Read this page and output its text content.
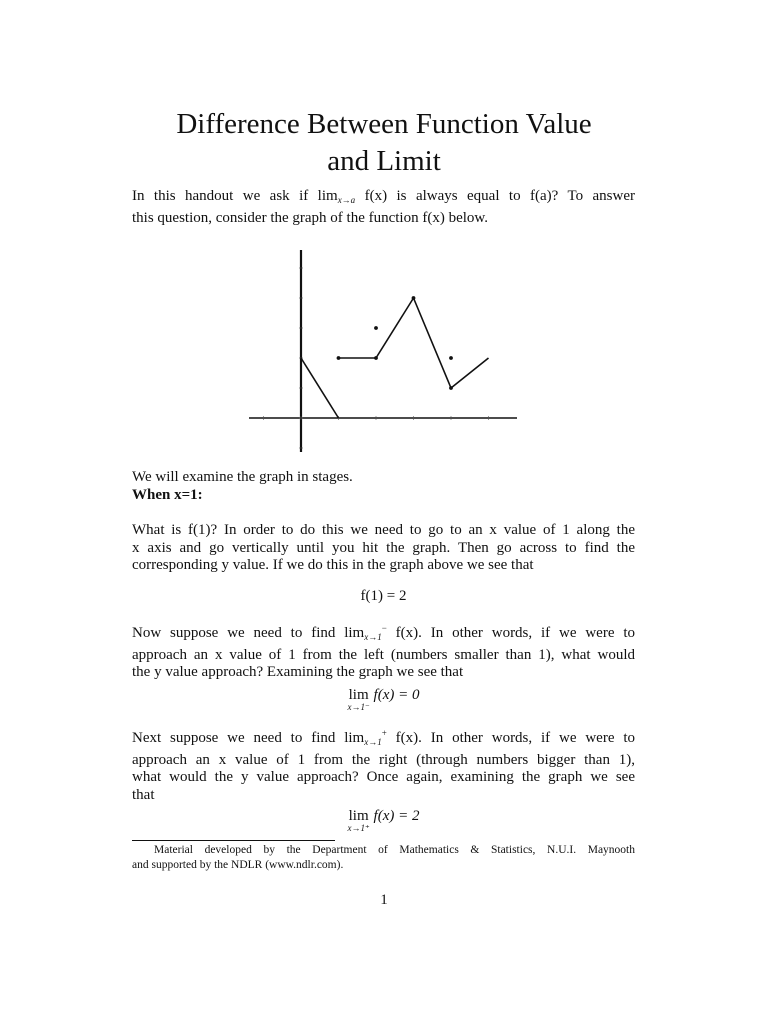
Difference Between Function Value
and Limit
In this handout we ask if $\lim_{x\to a} f(x)$ is always equal to f(a)? To answer
this question, consider the graph of the function f(x) below.
We will examine the graph in stages.
When x=1:
What is f(1)? In order to do this we need to go to an x value of 1 along the
x axis and go vertically until you hit the graph. Then go across to find the
corresponding y value. If we do this in the graph above we see that
f(1) = 2
Now suppose we need to find $\lim_{x\to 1}^- f(x)$. In other words, if we were to
approach an x value of 1 from the left (numbers smaller than 1), what would
the y value approach? Examining the graph we see that
lim
x→1⁻
f(x) = 0
Next suppose we need to find $\lim_{x\to 1}^+ f(x)$. In other words, if we were to
approach an x value of 1 from the right (through numbers bigger than 1),
what would the y value approach? Once again, examining the graph we see
that
lim
x→1⁺
f(x) = 2
Material developed by the Department of Mathematics & Statistics, N.U.I. Maynooth
and supported by the NDLR (www.ndlr.com).
1
